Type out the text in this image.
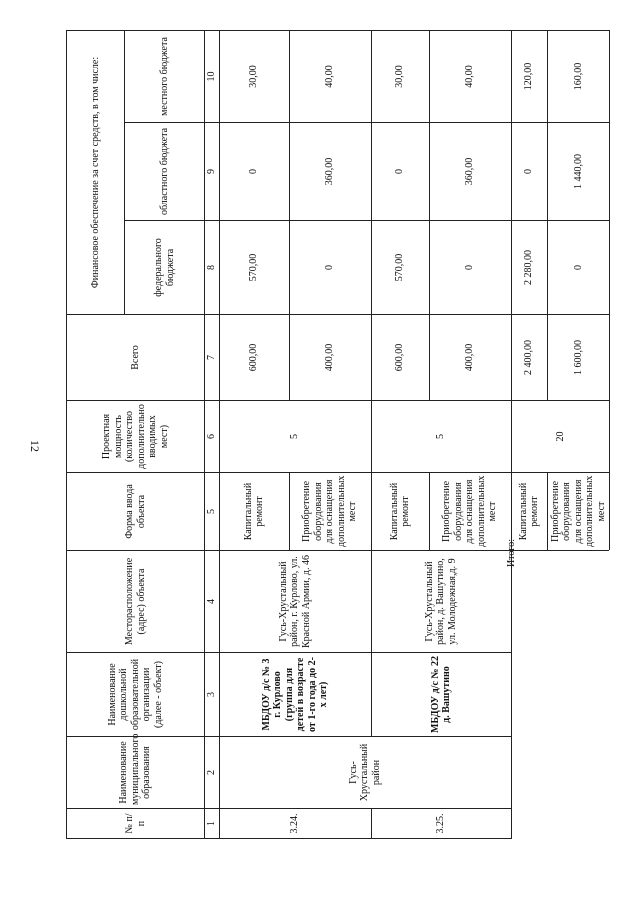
12
№ п/п	Наименование муниципального образования	Наименование дошкольной образовательной организации (далее - объект)	Месторасположение (адрес) объекта	Форма ввода объекта	Проектная мощность (количество дополнительно вводимых мест)	Всего	Финансовое обеспечение за счет средств, в том числе:		
							федерального бюджета	областного бюджета	местного бюджета
1	2	3	4	5	6	7	8	9	10
3.24.	Гусь-Хрустальный район	МБДОУ д/с № 3 г. Курлово (группа для детей в возрасте от 1-го года до 2-х лет)	Гусь-Хрустальный район, г. Курлово, ул. Красной Армии, д. 46	Капитальный ремонт	5	600,00	570,00	0	30,00
				Приобретение оборудования для оснащения дополнительных мест		400,00	0	360,00	40,00
3.25.		МБДОУ д/с № 22 д. Вашутино	Гусь-Хрустальный район, д. Вашутино, ул. Молодежная,д. 9	Капитальный ремонт	5	600,00	570,00	0	30,00
				Приобретение оборудования для оснащения дополнительных мест		400,00	0	360,00	40,00
				Капитальный ремонт	20	2 400,00	2 280,00	0	120,00
				Приобретение оборудования для оснащения дополнительных мест		1 600,00	0	1 440,00	160,00
Итого:
